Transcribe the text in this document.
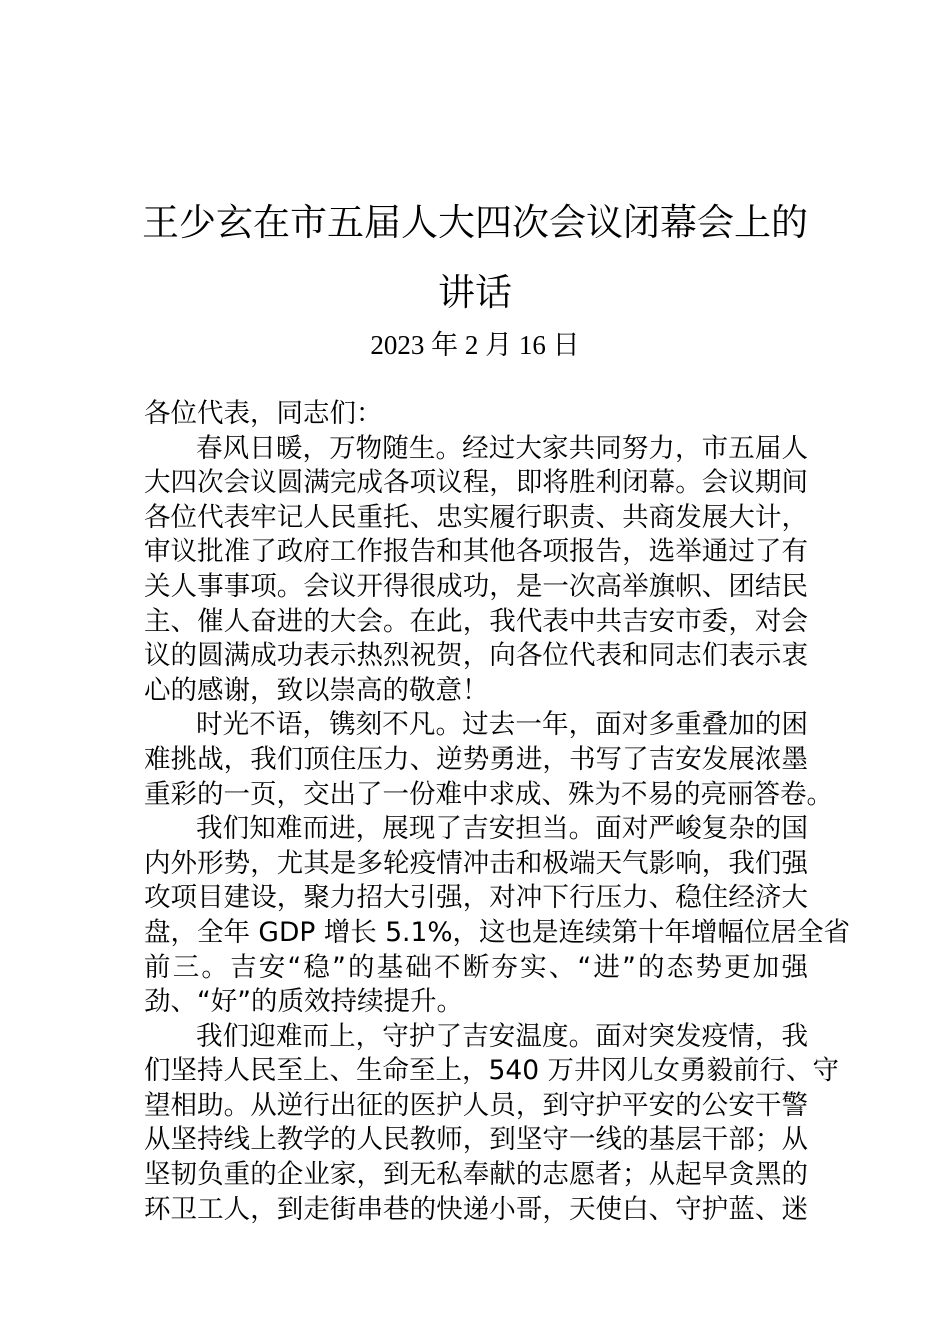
王少玄在市五届人大四次会议闭幕会上的
讲话
2023 年 2 月 16 日
各位代表，同志们：
春风日暖，万物随生。经过大家共同努力，市五届人
大四次会议圆满完成各项议程，即将胜利闭幕。会议期间
各位代表牢记人民重托、忠实履行职责、共商发展大计，
审议批准了政府工作报告和其他各项报告，选举通过了有
关人事事项。会议开得很成功，是一次高举旗帜、团结民
主、催人奋进的大会。在此，我代表中共吉安市委，对会
议的圆满成功表示热烈祝贺，向各位代表和同志们表示衷
心的感谢，致以崇高的敬意！
时光不语，镌刻不凡。过去一年，面对多重叠加的困
难挑战，我们顶住压力、逆势勇进，书写了吉安发展浓墨
重彩的一页，交出了一份难中求成、殊为不易的亮丽答卷。
我们知难而进，展现了吉安担当。面对严峻复杂的国
内外形势，尤其是多轮疫情冲击和极端天气影响，我们强
攻项目建设，聚力招大引强，对冲下行压力、稳住经济大
盘，全年 GDP 增长 5.1%，这也是连续第十年增幅位居全省
前三。吉安“稳”的基础不断夯实、“进”的态势更加强
劲、“好”的质效持续提升。
我们迎难而上，守护了吉安温度。面对突发疫情，我
们坚持人民至上、生命至上，540 万井冈儿女勇毅前行、守
望相助。从逆行出征的医护人员，到守护平安的公安干警
从坚持线上教学的人民教师，到坚守一线的基层干部；从
坚韧负重的企业家，到无私奉献的志愿者；从起早贪黑的
环卫工人，到走街串巷的快递小哥，天使白、守护蓝、迷
